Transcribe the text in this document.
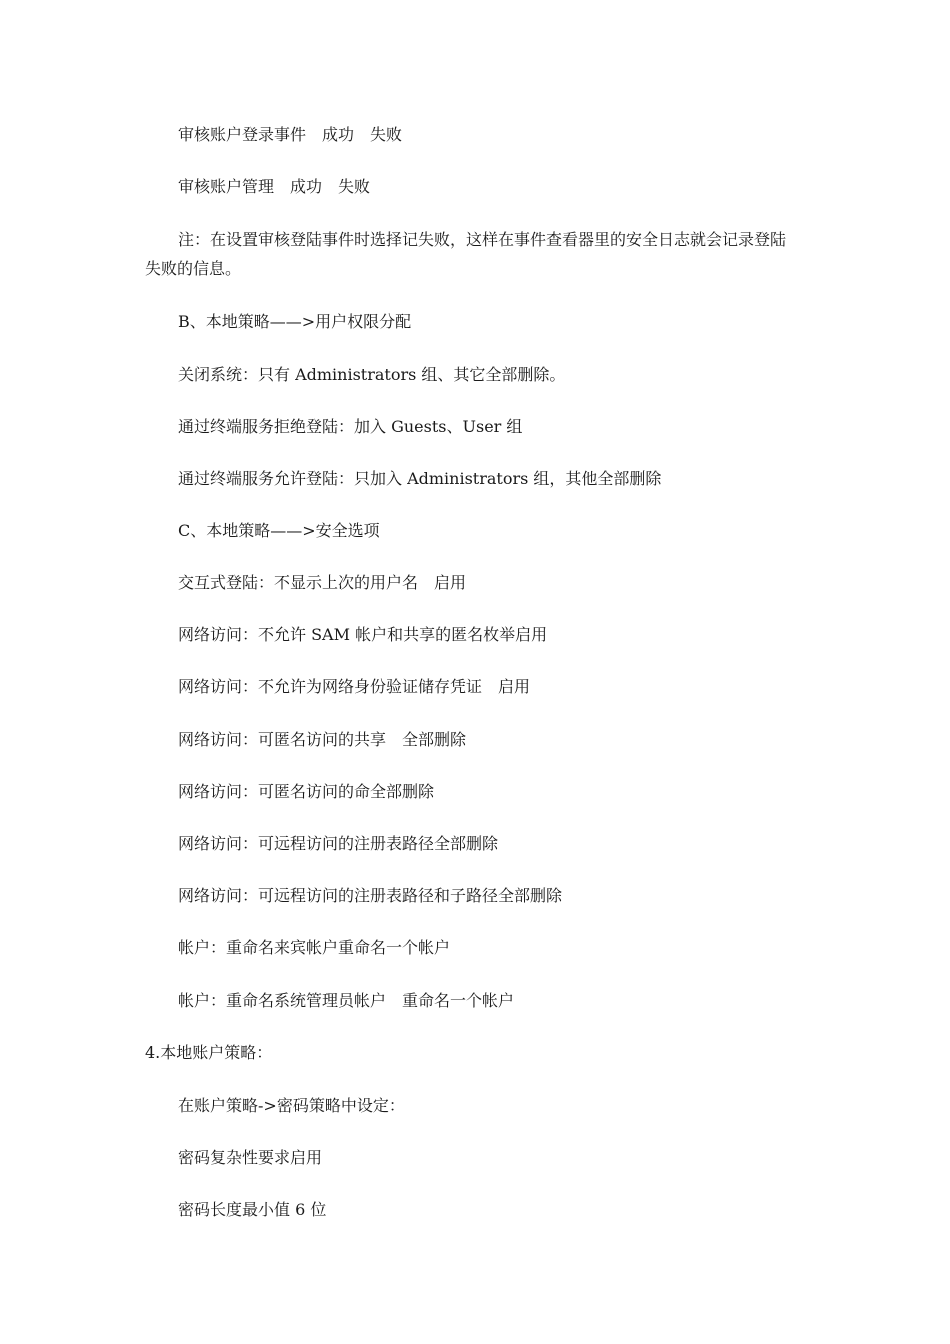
审核账户登录事件　成功　失败
审核账户管理　成功　失败
注：在设置审核登陆事件时选择记失败，这样在事件查看器里的安全日志就会记录登陆
失败的信息。
B、本地策略——>用户权限分配
关闭系统：只有 Administrators 组、其它全部删除。
通过终端服务拒绝登陆：加入 Guests、User 组
通过终端服务允许登陆：只加入 Administrators 组，其他全部删除
C、本地策略——>安全选项
交互式登陆：不显示上次的用户名　启用
网络访问：不允许 SAM 帐户和共享的匿名枚举启用
网络访问：不允许为网络身份验证储存凭证　启用
网络访问：可匿名访问的共享　全部删除
网络访问：可匿名访问的命全部删除
网络访问：可远程访问的注册表路径全部删除
网络访问：可远程访问的注册表路径和子路径全部删除
帐户：重命名来宾帐户重命名一个帐户
帐户：重命名系统管理员帐户　重命名一个帐户
4.本地账户策略：
在账户策略->密码策略中设定：
密码复杂性要求启用
密码长度最小值 6 位
